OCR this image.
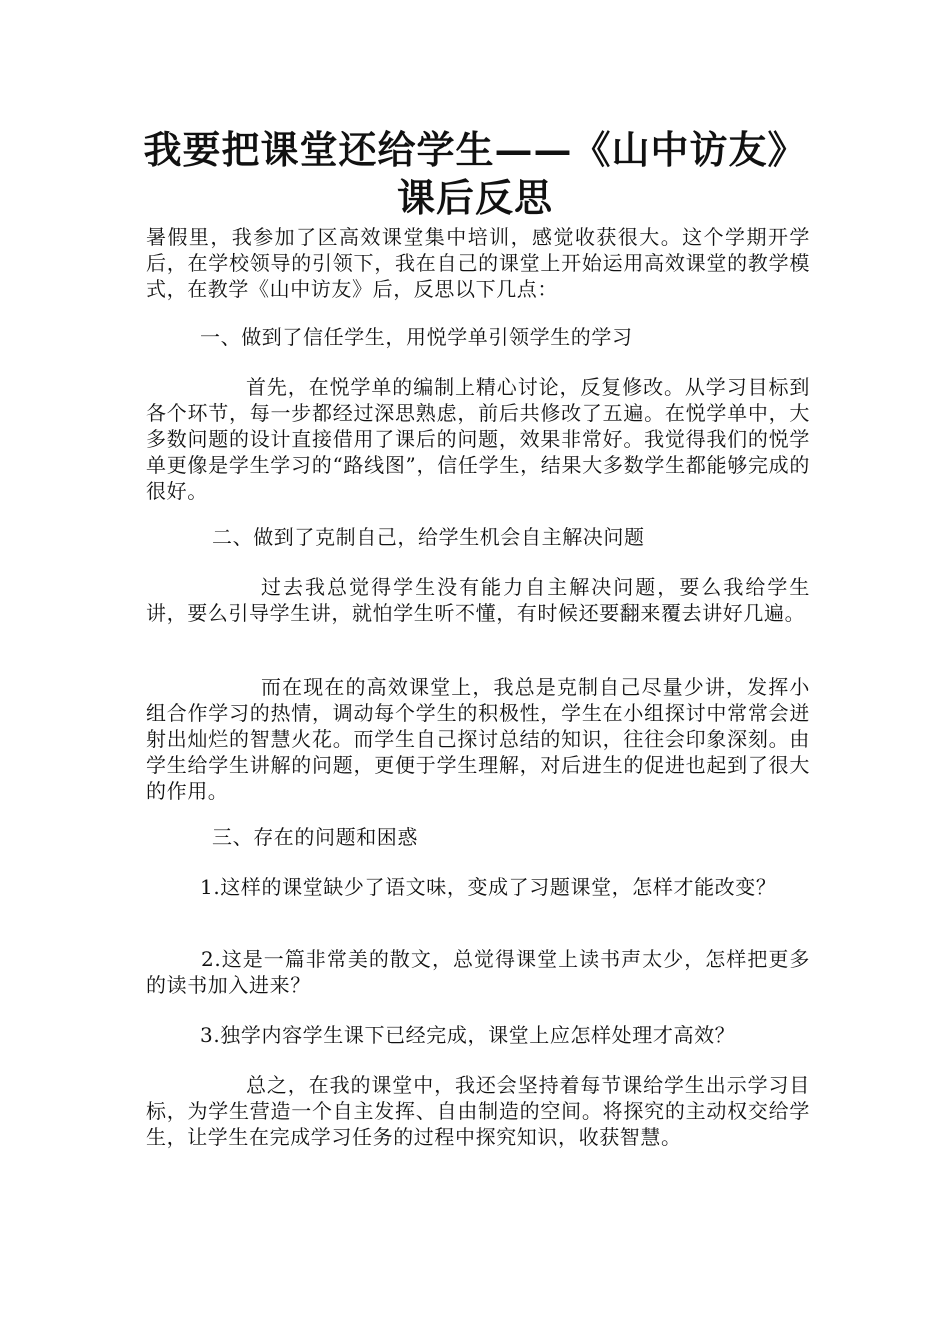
我要把课堂还给学生——《山中访友》
课后反思

暑假里，我参加了区高效课堂集中培训，感觉收获很大。这个学期开学后，在学校领导的引领下，我在自己的课堂上开始运用高效课堂的教学模式，在教学《山中访友》后，反思以下几点：

一、做到了信任学生，用悦学单引领学生的学习

首先，在悦学单的编制上精心讨论，反复修改。从学习目标到各个环节，每一步都经过深思熟虑，前后共修改了五遍。在悦学单中，大多数问题的设计直接借用了课后的问题，效果非常好。我觉得我们的悦学单更像是学生学习的“路线图”，信任学生，结果大多数学生都能够完成的很好。

二、做到了克制自己，给学生机会自主解决问题

过去我总觉得学生没有能力自主解决问题，要么我给学生讲，要么引导学生讲，就怕学生听不懂，有时候还要翻来覆去讲好几遍。

而在现在的高效课堂上，我总是克制自己尽量少讲，发挥小组合作学习的热情，调动每个学生的积极性，学生在小组探讨中常常会迸射出灿烂的智慧火花。而学生自己探讨总结的知识，往往会印象深刻。由学生给学生讲解的问题，更便于学生理解，对后进生的促进也起到了很大的作用。

三、存在的问题和困惑

1.这样的课堂缺少了语文味，变成了习题课堂，怎样才能改变？

2.这是一篇非常美的散文，总觉得课堂上读书声太少，怎样把更多的读书加入进来？

3.独学内容学生课下已经完成，课堂上应怎样处理才高效？

总之，在我的课堂中，我还会坚持着每节课给学生出示学习目标，为学生营造一个自主发挥、自由制造的空间。将探究的主动权交给学生，让学生在完成学习任务的过程中探究知识，收获智慧。
